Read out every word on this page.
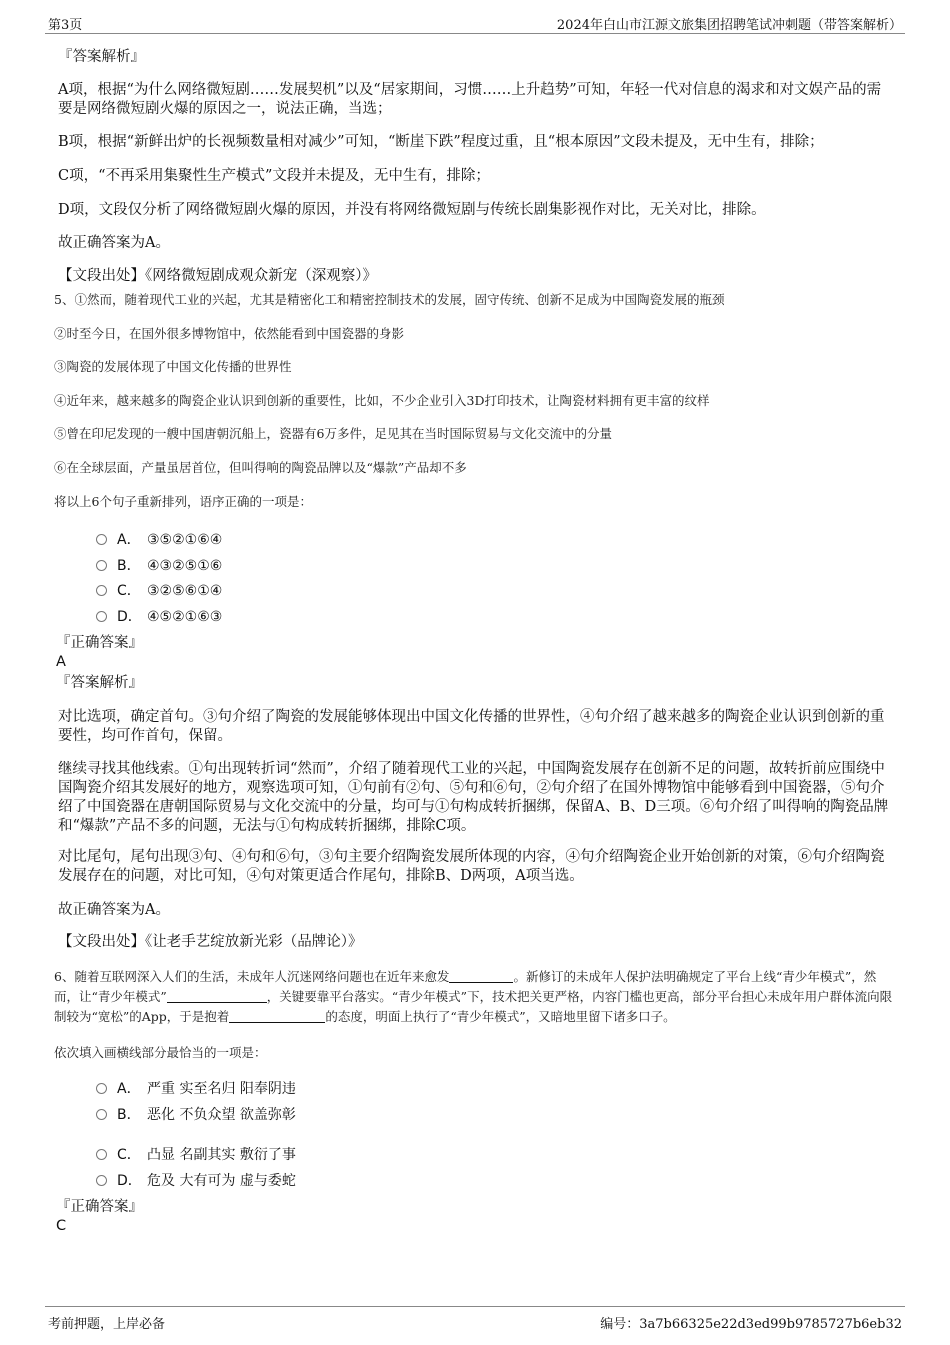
第3页	2024年白山市江源文旅集团招聘笔试冲刺题（带答案解析）
『答案解析』
A项，根据“为什么网络微短剧……发展契机”以及“居家期间，习惯……上升趋势”可知，年轻一代对信息的渴求和对文娱产品的需要是网络微短剧火爆的原因之一，说法正确，当选；
B项，根据“新鲜出炉的长视频数量相对减少”可知，“断崖下跌”程度过重，且“根本原因”文段未提及，无中生有，排除；
C项，“不再采用集聚性生产模式”文段并未提及，无中生有，排除；
D项，文段仅分析了网络微短剧火爆的原因，并没有将网络微短剧与传统长剧集影视作对比，无关对比，排除。
故正确答案为A。
【文段出处】《网络微短剧成观众新宠（深观察）》
5、①然而，随着现代工业的兴起，尤其是精密化工和精密控制技术的发展，固守传统、创新不足成为中国陶瓷发展的瓶颈
②时至今日，在国外很多博物馆中，依然能看到中国瓷器的身影
③陶瓷的发展体现了中国文化传播的世界性
④近年来，越来越多的陶瓷企业认识到创新的重要性，比如，不少企业引入3D打印技术，让陶瓷材料拥有更丰富的纹样
⑤曾在印尼发现的一艘中国唐朝沉船上，瓷器有6万多件，足见其在当时国际贸易与文化交流中的分量
⑥在全球层面，产量虽居首位，但叫得响的陶瓷品牌以及“爆款”产品却不多
将以上6个句子重新排列，语序正确的一项是：
A． ③⑤②①⑥④
B． ④③②⑤①⑥
C． ③②⑤⑥①④
D． ④⑤②①⑥③
『正确答案』
A
『答案解析』
对比选项，确定首句。③句介绍了陶瓷的发展能够体现出中国文化传播的世界性，④句介绍了越来越多的陶瓷企业认识到创新的重要性，均可作首句，保留。
继续寻找其他线索。①句出现转折词“然而”，介绍了随着现代工业的兴起，中国陶瓷发展存在创新不足的问题，故转折前应围绕中国陶瓷介绍其发展好的地方，观察选项可知，①句前有②句、⑤句和⑥句，②句介绍了在国外博物馆中能够看到中国瓷器，⑤句介绍了中国瓷器在唐朝国际贸易与文化交流中的分量，均可与①句构成转折捆绑，保留A、B、D三项。⑥句介绍了叫得响的陶瓷品牌和“爆款”产品不多的问题，无法与①句构成转折捆绑，排除C项。
对比尾句，尾句出现③句、④句和⑥句，③句主要介绍陶瓷发展所体现的内容，④句介绍陶瓷企业开始创新的对策，⑥句介绍陶瓷发展存在的问题，对比可知，④句对策更适合作尾句，排除B、D两项，A项当选。
故正确答案为A。
【文段出处】《让老手艺绽放新光彩（品牌论）》
6、随着互联网深入人们的生活，未成年人沉迷网络问题也在近年来愈发	。新修订的未成年人保护法明确规定了平台上线“青少年模式”，然而，让“青少年模式”	，关键要靠平台落实。“青少年模式”下，技术把关更严格，内容门槛也更高，部分平台担心未成年用户群体流向限制较为“宽松”的App，于是抱着	的态度，明面上执行了“青少年模式”，又暗地里留下诸多口子。
依次填入画横线部分最恰当的一项是：
A． 严重 实至名归 阳奉阴违
B． 恶化 不负众望 欲盖弥彰
C． 凸显 名副其实 敷衍了事
D． 危及 大有可为 虚与委蛇
『正确答案』
C
考前押题，上岸必备	编号：3a7b66325e22d3ed99b9785727b6eb32
